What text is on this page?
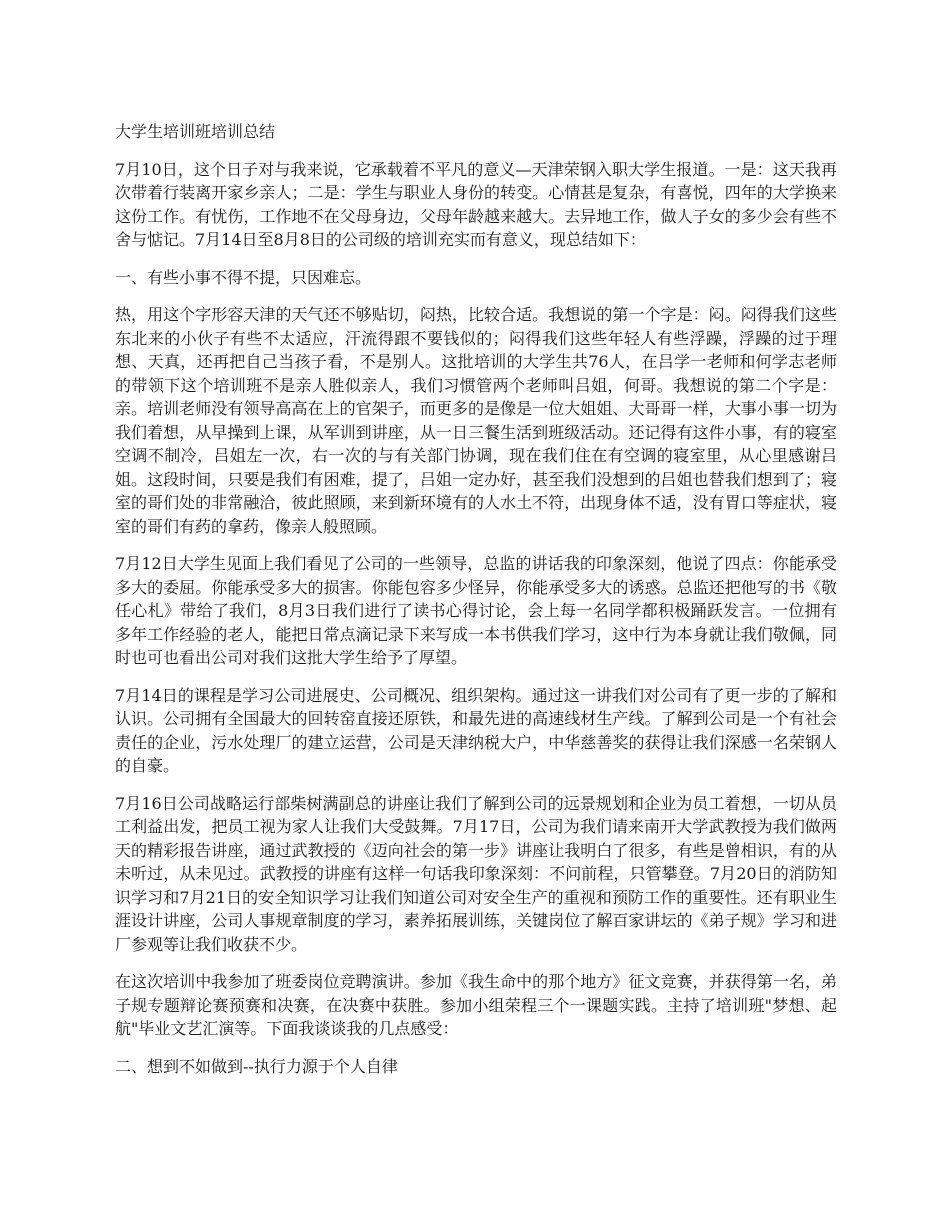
大学生培训班培训总结

7月10日，这个日子对与我来说，它承载着不平凡的意义—天津荣钢入职大学生报道。一是：这天我再次带着行装离开家乡亲人；二是：学生与职业人身份的转变。心情甚是复杂，有喜悦，四年的大学换来这份工作。有忧伤，工作地不在父母身边，父母年龄越来越大。去异地工作，做人子女的多少会有些不舍与惦记。7月14日至8月8日的公司级的培训充实而有意义，现总结如下：

一、有些小事不得不提，只因难忘。

热，用这个字形容天津的天气还不够贴切，闷热，比较合适。我想说的第一个字是：闷。闷得我们这些东北来的小伙子有些不太适应，汗流得跟不要钱似的；闷得我们这些年轻人有些浮躁，浮躁的过于理想、天真，还再把自己当孩子看，不是别人。这批培训的大学生共76人，在吕学一老师和何学志老师的带领下这个培训班不是亲人胜似亲人，我们习惯管两个老师叫吕姐，何哥。我想说的第二个字是：亲。培训老师没有领导高高在上的官架子，而更多的是像是一位大姐姐、大哥哥一样，大事小事一切为我们着想，从早操到上课，从军训到讲座，从一日三餐生活到班级活动。还记得有这件小事，有的寝室空调不制冷，吕姐左一次，右一次的与有关部门协调，现在我们住在有空调的寝室里，从心里感谢吕姐。这段时间，只要是我们有困难，提了，吕姐一定办好，甚至我们没想到的吕姐也替我们想到了；寝室的哥们处的非常融洽，彼此照顾，来到新环境有的人水土不符，出现身体不适，没有胃口等症状，寝室的哥们有药的拿药，像亲人般照顾。

7月12日大学生见面上我们看见了公司的一些领导，总监的讲话我的印象深刻，他说了四点：你能承受多大的委屈。你能承受多大的损害。你能包容多少怪异，你能承受多大的诱惑。总监还把他写的书《敬任心札》带给了我们，8月3日我们进行了读书心得讨论，会上每一名同学都积极踊跃发言。一位拥有多年工作经验的老人，能把日常点滴记录下来写成一本书供我们学习，这中行为本身就让我们敬佩，同时也可也看出公司对我们这批大学生给予了厚望。

7月14日的课程是学习公司进展史、公司概况、组织架构。通过这一讲我们对公司有了更一步的了解和认识。公司拥有全国最大的回转窑直接还原铁，和最先进的高速线材生产线。了解到公司是一个有社会责任的企业，污水处理厂的建立运营，公司是天津纳税大户，中华慈善奖的获得让我们深感一名荣钢人的自豪。

7月16日公司战略运行部柴树满副总的讲座让我们了解到公司的远景规划和企业为员工着想，一切从员工利益出发，把员工视为家人让我们大受鼓舞。7月17日，公司为我们请来南开大学武教授为我们做两天的精彩报告讲座，通过武教授的《迈向社会的第一步》讲座让我明白了很多，有些是曾相识，有的从未听过，从未见过。武教授的讲座有这样一句话我印象深刻：不问前程，只管攀登。7月20日的消防知识学习和7月21日的安全知识学习让我们知道公司对安全生产的重视和预防工作的重要性。还有职业生涯设计讲座，公司人事规章制度的学习，素养拓展训练，关键岗位了解百家讲坛的《弟子规》学习和进厂参观等让我们收获不少。

在这次培训中我参加了班委岗位竞聘演讲。参加《我生命中的那个地方》征文竞赛，并获得第一名，弟子规专题辩论赛预赛和决赛，在决赛中获胜。参加小组荣程三个一课题实践。主持了培训班"梦想、起航"毕业文艺汇演等。下面我谈谈我的几点感受：

二、想到不如做到--执行力源于个人自律
